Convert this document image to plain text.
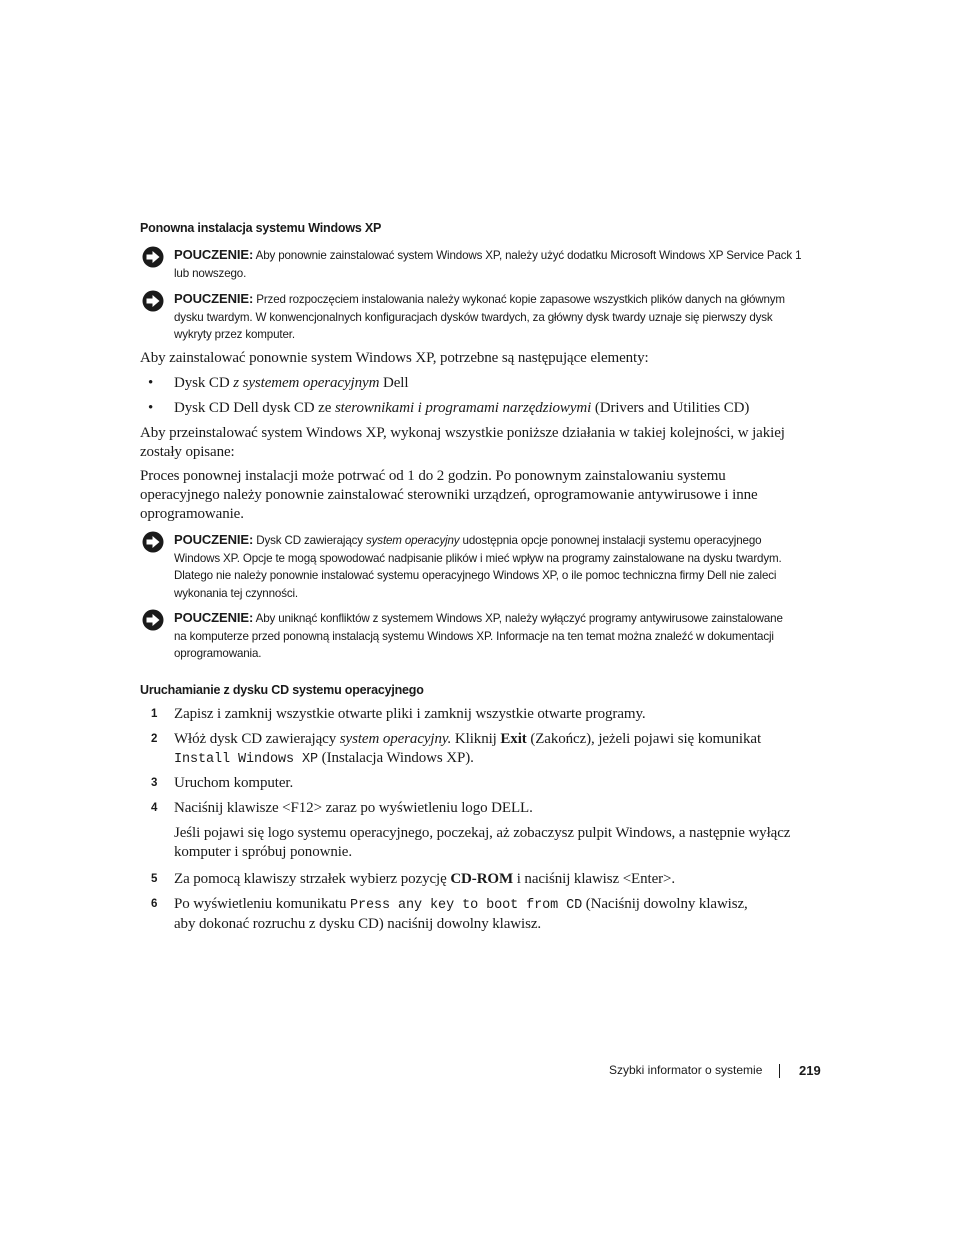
Ponowna instalacja systemu Windows XP
POUCZENIE: Aby ponownie zainstalować system Windows XP, należy użyć dodatku Microsoft Windows XP Service Pack 1 lub nowszego.
POUCZENIE: Przed rozpoczęciem instalowania należy wykonać kopie zapasowe wszystkich plików danych na głównym
dysku twardym. W konwencjonalnych konfiguracjach dysków twardych, za główny dysk twardy uznaje się pierwszy dysk
wykryty przez komputer.
Aby zainstalować ponownie system Windows XP, potrzebne są następujące elementy:
• Dysk CD z systemem operacyjnym Dell
• Dysk CD Dell dysk CD ze sterownikami i programami narzędziowymi (Drivers and Utilities CD)
Aby przeinstalować system Windows XP, wykonaj wszystkie poniższe działania w takiej kolejności, w jakiej
zostały opisane:
Proces ponownej instalacji może potrwać od 1 do 2 godzin. Po ponownym zainstalowaniu systemu
operacyjnego należy ponownie zainstalować sterowniki urządzeń, oprogramowanie antywirusowe i inne
oprogramowanie.
POUCZENIE: Dysk CD zawierający system operacyjny udostępnia opcje ponownej instalacji systemu operacyjnego
Windows XP. Opcje te mogą spowodować nadpisanie plików i mieć wpływ na programy zainstalowane na dysku twardym.
Dlatego nie należy ponownie instalować systemu operacyjnego Windows XP, o ile pomoc techniczna firmy Dell nie zaleci
wykonania tej czynności.
POUCZENIE: Aby uniknąć konfliktów z systemem Windows XP, należy wyłączyć programy antywirusowe zainstalowane
na komputerze przed ponowną instalacją systemu Windows XP. Informacje na ten temat można znaleźć w dokumentacji
oprogramowania.
Uruchamianie z dysku CD systemu operacyjnego
1 Zapisz i zamknij wszystkie otwarte pliki i zamknij wszystkie otwarte programy.
2 Włóż dysk CD zawierający system operacyjny. Kliknij Exit (Zakończ), jeżeli pojawi się komunikat
Install Windows XP (Instalacja Windows XP).
3 Uruchom komputer.
4 Naciśnij klawisze <F12> zaraz po wyświetleniu logo DELL.
Jeśli pojawi się logo systemu operacyjnego, poczekaj, aż zobaczysz pulpit Windows, a następnie wyłącz
komputer i spróbuj ponownie.
5 Za pomocą klawiszy strzałek wybierz pozycję CD-ROM i naciśnij klawisz <Enter>.
6 Po wyświetleniu komunikatu Press any key to boot from CD (Naciśnij dowolny klawisz,
aby dokonać rozruchu z dysku CD) naciśnij dowolny klawisz.
Szybki informator o systemie	219
